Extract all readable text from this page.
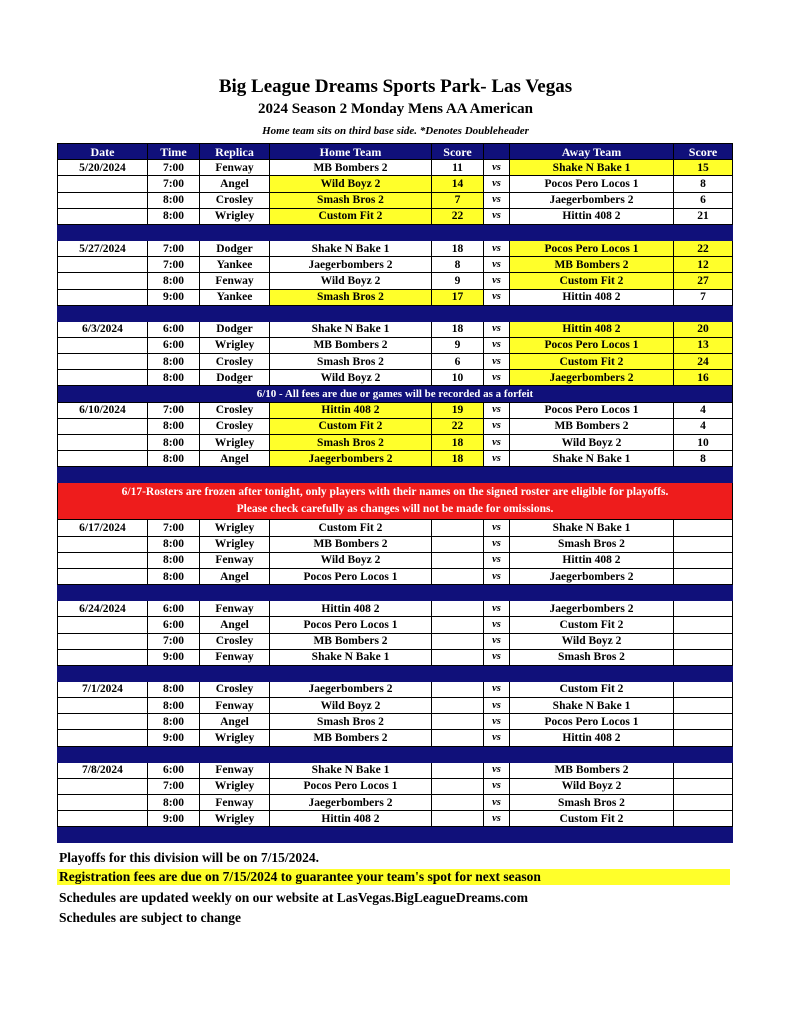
Big League Dreams Sports Park- Las Vegas
2024 Season 2 Monday Mens AA American
Home team sits on third base side. *Denotes Doubleheader
Date	Time	Replica	Home Team	Score		Away Team	Score
5/20/2024	7:00	Fenway	MB Bombers 2	11	vs	Shake N Bake 1	15
	7:00	Angel	Wild Boyz 2	14	vs	Pocos Pero Locos 1	8
	8:00	Crosley	Smash Bros 2	7	vs	Jaegerbombers 2	6
	8:00	Wrigley	Custom Fit 2	22	vs	Hittin 408 2	21

5/27/2024	7:00	Dodger	Shake N Bake 1	18	vs	Pocos Pero Locos 1	22
	7:00	Yankee	Jaegerbombers 2	8	vs	MB Bombers 2	12
	8:00	Fenway	Wild Boyz 2	9	vs	Custom Fit 2	27
	9:00	Yankee	Smash Bros 2	17	vs	Hittin 408 2	7

6/3/2024	6:00	Dodger	Shake N Bake 1	18	vs	Hittin 408 2	20
	6:00	Wrigley	MB Bombers 2	9	vs	Pocos Pero Locos 1	13
	8:00	Crosley	Smash Bros 2	6	vs	Custom Fit 2	24
	8:00	Dodger	Wild Boyz 2	10	vs	Jaegerbombers 2	16
6/10 - All fees are due or games will be recorded as a forfeit							
6/10/2024	7:00	Crosley	Hittin 408 2	19	vs	Pocos Pero Locos 1	4
	8:00	Crosley	Custom Fit 2	22	vs	MB Bombers 2	4
	8:00	Wrigley	Smash Bros 2	18	vs	Wild Boyz 2	10
	8:00	Angel	Jaegerbombers 2	18	vs	Shake N Bake 1	8

6/17-Rosters are frozen after tonight, only players with their names on the signed roster are eligible for playoffs.
Please check carefully as changes will not be made for omissions.							

6/17/2024	7:00	Wrigley	Custom Fit 2		vs	Shake N Bake 1	
	8:00	Wrigley	MB Bombers 2		vs	Smash Bros 2	
	8:00	Fenway	Wild Boyz 2		vs	Hittin 408 2	
	8:00	Angel	Pocos Pero Locos 1		vs	Jaegerbombers 2	

6/24/2024	6:00	Fenway	Hittin 408 2		vs	Jaegerbombers 2	
	6:00	Angel	Pocos Pero Locos 1		vs	Custom Fit 2	
	7:00	Crosley	MB Bombers 2		vs	Wild Boyz 2	
	9:00	Fenway	Shake N Bake 1		vs	Smash Bros 2	

7/1/2024	8:00	Crosley	Jaegerbombers 2		vs	Custom Fit 2	
	8:00	Fenway	Wild Boyz 2		vs	Shake N Bake 1	
	8:00	Angel	Smash Bros 2		vs	Pocos Pero Locos 1	
	9:00	Wrigley	MB Bombers 2		vs	Hittin 408 2	

7/8/2024	6:00	Fenway	Shake N Bake 1		vs	MB Bombers 2	
	7:00	Wrigley	Pocos Pero Locos 1		vs	Wild Boyz 2	
	8:00	Fenway	Jaegerbombers 2		vs	Smash Bros 2	
	9:00	Wrigley	Hittin 408 2		vs	Custom Fit 2	

Playoffs for this division will be on 7/15/2024.
Registration fees are due on 7/15/2024 to guarantee your team's spot for next season
Schedules are updated weekly on our website at LasVegas.BigLeagueDreams.com
Schedules are subject to change
